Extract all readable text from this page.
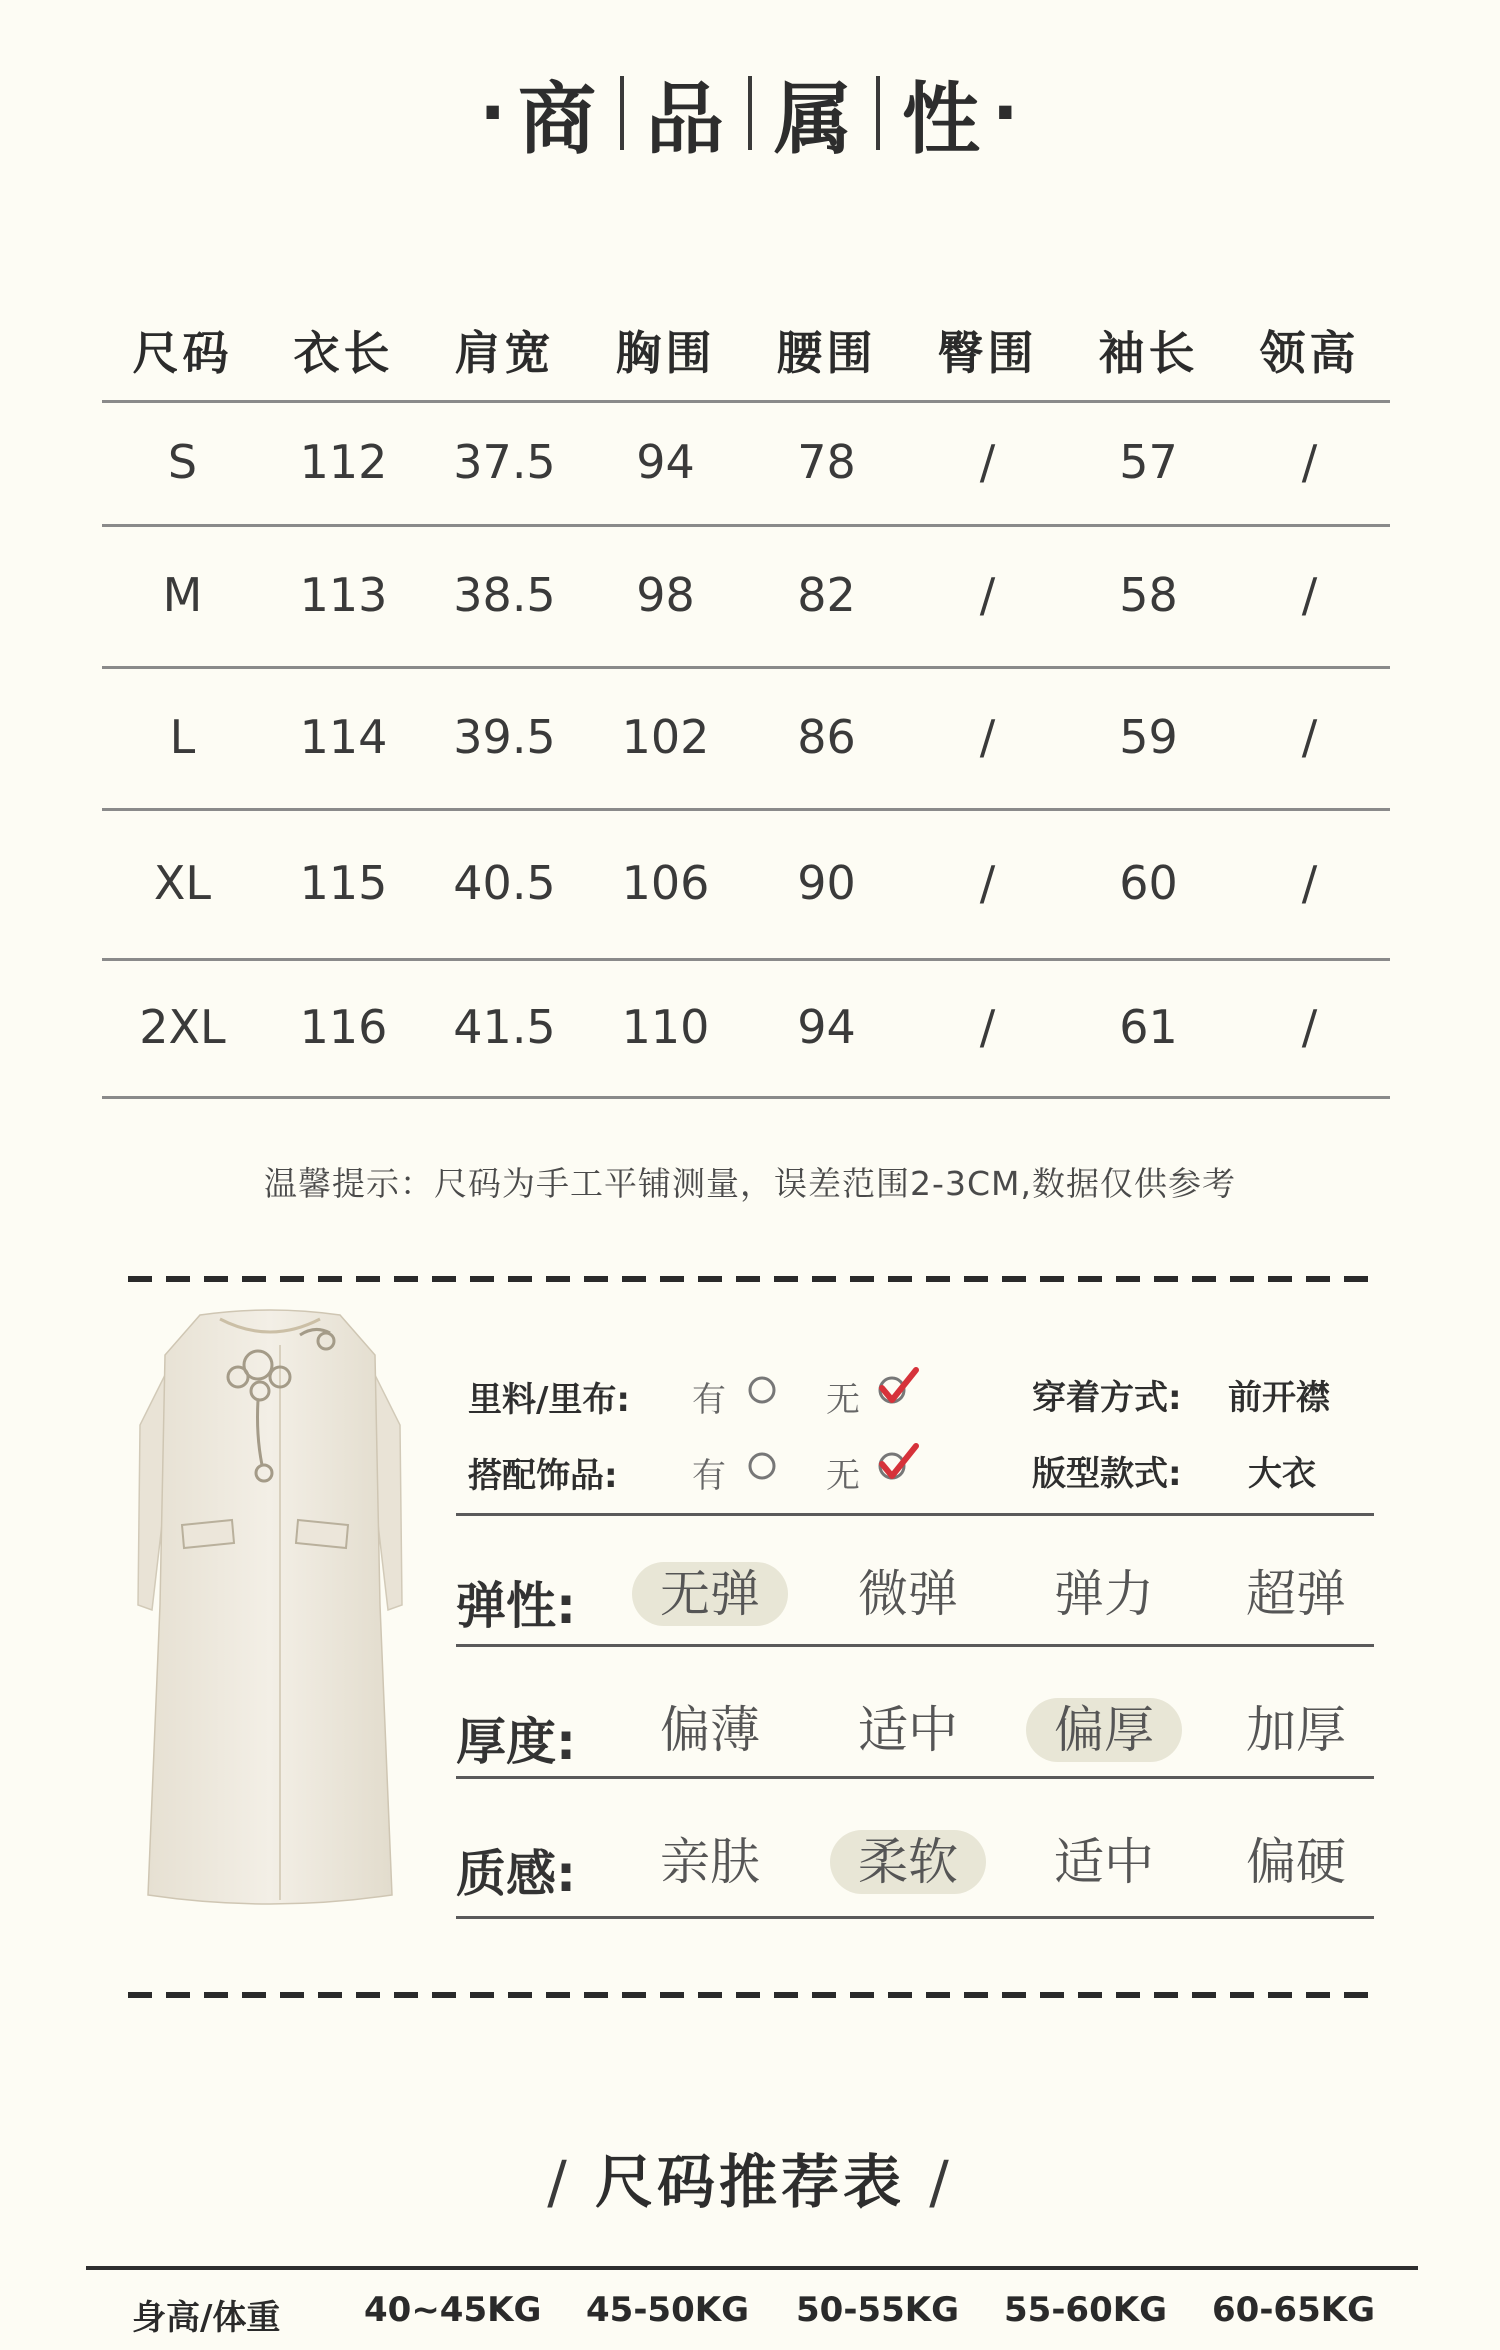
· 商 品 属 性 ·
尺码	衣长	肩宽	胸围	腰围	臀围	袖长	领高
S	112	37.5	94	78	/	57	/
M	113	38.5	98	82	/	58	/
L	114	39.5	102	86	/	59	/
XL	115	40.5	106	90	/	60	/
2XL	116	41.5	110	94	/	61	/
温馨提示：尺码为手工平铺测量，误差范围2-3CM,数据仅供参考
里料/里布: 有	无	穿着方式: 前开襟
搭配饰品: 有	无	版型款式: 大衣
弹性:	无弹	微弹	弹力	超弹
厚度:	偏薄	适中	偏厚	加厚
质感:	亲肤	柔软	适中	偏硬
/ 尺码推荐表 /
身高/体重 40~45KG 45-50KG 50-55KG 55-60KG 60-65KG
